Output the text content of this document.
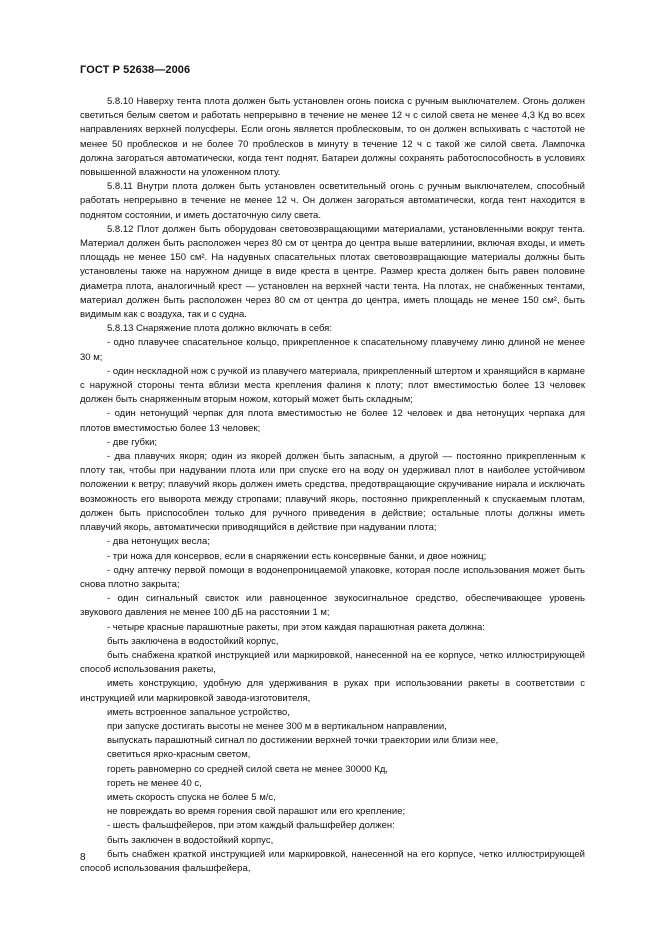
ГОСТ Р 52638—2006

5.8.10 Наверху тента плота должен быть установлен огонь поиска с ручным выключателем. Огонь должен светиться белым светом и работать непрерывно в течение не менее 12 ч с силой света не менее 4,3 Кд во всех направлениях верхней полусферы. Если огонь является проблесковым, то он должен вспыхивать с частотой не менее 50 проблесков и не более 70 проблесков в минуту в течение 12 ч с такой же силой света. Лампочка должна загораться автоматически, когда тент поднят. Батареи должны сохранять работоспособность в условиях повышенной влажности на уложенном плоту.

5.8.11 Внутри плота должен быть установлен осветительный огонь с ручным выключателем, способный работать непрерывно в течение не менее 12 ч. Он должен загораться автоматически, когда тент находится в поднятом состоянии, и иметь достаточную силу света.

5.8.12 Плот должен быть оборудован световозвращающими материалами, установленными вокруг тента. Материал должен быть расположен через 80 см от центра до центра выше ватерлинии, включая входы, и иметь площадь не менее 150 см². На надувных спасательных плотах световозвращающие материалы должны быть установлены также на наружном днище в виде креста в центре. Размер креста должен быть равен половине диаметра плота, аналогичный крест — установлен на верхней части тента. На плотах, не снабженных тентами, материал должен быть расположен через 80 см от центра до центра, иметь площадь не менее 150 см², быть видимым как с воздуха, так и с судна.

5.8.13 Снаряжение плота должно включать в себя:

- одно плавучее спасательное кольцо, прикрепленное к спасательному плавучему линю длиной не менее 30 м;

- один нескладной нож с ручкой из плавучего материала, прикрепленный штертом и хранящийся в кармане с наружной стороны тента вблизи места крепления фалиня к плоту; плот вместимостью более 13 человек должен быть снаряженным вторым ножом, который может быть складным;

- один нетонущий черпак для плота вместимостью не более 12 человек и два нетонущих черпака для плотов вместимостью более 13 человек;

- две губки;

- два плавучих якоря; один из якорей должен быть запасным, а другой — постоянно прикрепленным к плоту так, чтобы при надувании плота или при спуске его на воду он удерживал плот в наиболее устойчивом положении к ветру; плавучий якорь должен иметь средства, предотвращающие скручивание нирала и исключать возможность его выворота между стропами; плавучий якорь, постоянно прикрепленный к спускаемым плотам, должен быть приспособлен только для ручного приведения в действие; остальные плоты должны иметь плавучий якорь, автоматически приводящийся в действие при надувании плота;

- два нетонущих весла;

- три ножа для консервов, если в снаряжении есть консервные банки, и двое ножниц;

- одну аптечку первой помощи в водонепроницаемой упаковке, которая после использования может быть снова плотно закрыта;

- один сигнальный свисток или равноценное звукосигнальное средство, обеспечивающее уровень звукового давления не менее 100 дБ на расстоянии 1 м;

- четыре красные парашютные ракеты, при этом каждая парашютная ракета должна:

быть заключена в водостойкий корпус,

быть снабжена краткой инструкцией или маркировкой, нанесенной на ее корпусе, четко иллюстрирующей способ использования ракеты,

иметь конструкцию, удобную для удерживания в руках при использовании ракеты в соответствии с инструкцией или маркировкой завода-изготовителя,

иметь встроенное запальное устройство,

при запуске достигать высоты не менее 300 м в вертикальном направлении,

выпускать парашютный сигнал по достижении верхней точки траектории или близи нее,

светиться ярко-красным светом,

гореть равномерно со средней силой света не менее 30000 Кд,

гореть не менее 40 с,

иметь скорость спуска не более 5 м/с,

не повреждать во время горения свой парашют или его крепление;

- шесть фальшфейеров, при этом каждый фальшфейер должен:

быть заключен в водостойкий корпус,

быть снабжен краткой инструкцией или маркировкой, нанесенной на его корпусе, четко иллюстрирующей способ использования фальшфейера,

8
